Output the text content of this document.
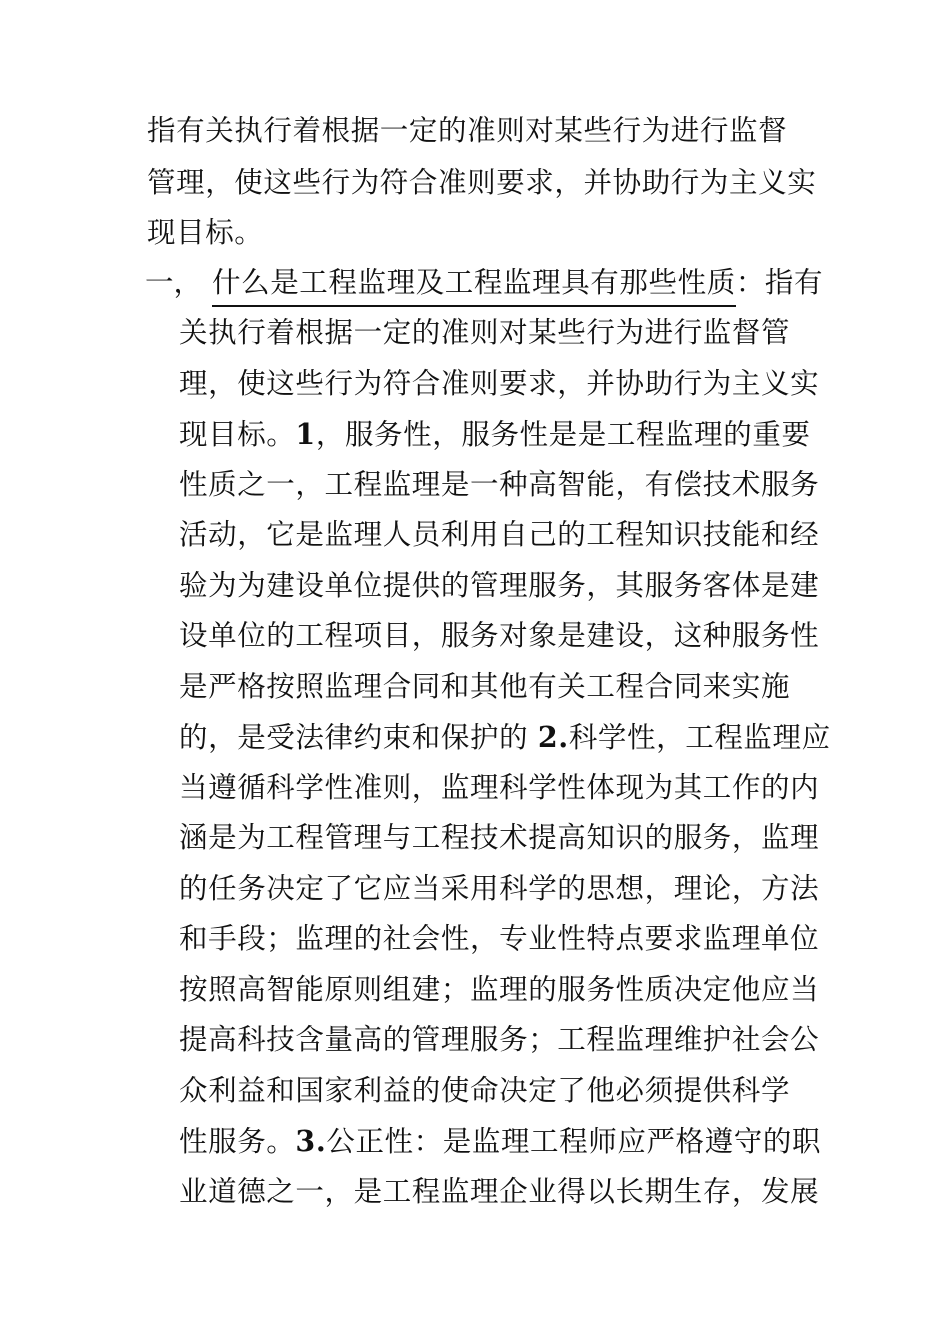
指有关执行着根据一定的准则对某些行为进行监督
管理，使这些行为符合准则要求，并协助行为主义实
现目标。
一， 什么是工程监理及工程监理具有那些性质：指有
关执行着根据一定的准则对某些行为进行监督管
理，使这些行为符合准则要求，并协助行为主义实
现目标。1，服务性，服务性是是工程监理的重要
性质之一，工程监理是一种高智能，有偿技术服务
活动，它是监理人员利用自己的工程知识技能和经
验为为建设单位提供的管理服务，其服务客体是建
设单位的工程项目，服务对象是建设，这种服务性
是严格按照监理合同和其他有关工程合同来实施
的，是受法律约束和保护的 2.科学性，工程监理应
当遵循科学性准则，监理科学性体现为其工作的内
涵是为工程管理与工程技术提高知识的服务，监理
的任务决定了它应当采用科学的思想，理论，方法
和手段；监理的社会性，专业性特点要求监理单位
按照高智能原则组建；监理的服务性质决定他应当
提高科技含量高的管理服务；工程监理维护社会公
众利益和国家利益的使命决定了他必须提供科学
性服务。3.公正性：是监理工程师应严格遵守的职
业道德之一，是工程监理企业得以长期生存，发展
